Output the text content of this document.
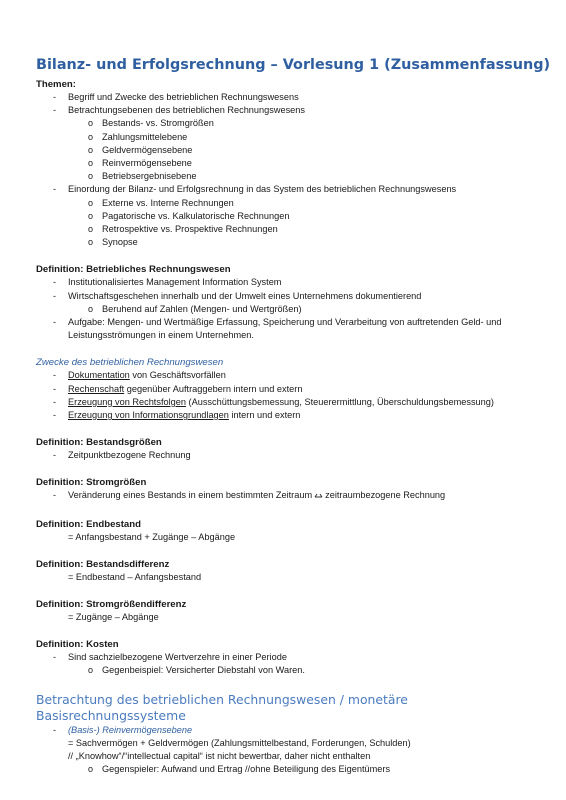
Bilanz- und Erfolgsrechnung – Vorlesung 1 (Zusammenfassung)
Themen:
- Begriff und Zwecke des betrieblichen Rechnungswesens
- Betrachtungsebenen des betrieblichen Rechnungswesens
o Bestands- vs. Stromgrößen
o Zahlungsmittelebene
o Geldvermögensebene
o Reinvermögensebene
o Betriebsergebnisebene
- Einordung der Bilanz- und Erfolgsrechnung in das System des betrieblichen Rechnungswesens
o Externe vs. Interne Rechnungen
o Pagatorische vs. Kalkulatorische Rechnungen
o Retrospektive vs. Prospektive Rechnungen
o Synopse
Definition: Betriebliches Rechnungswesen
- Institutionalisiertes Management Information System
- Wirtschaftsgeschehen innerhalb und der Umwelt eines Unternehmens dokumentierend
o Beruhend auf Zahlen (Mengen- und Wertgrößen)
- Aufgabe: Mengen- und Wertmäßige Erfassung, Speicherung und Verarbeitung von auftretenden Geld- und
Leistungsströmungen in einem Unternehmen.
Zwecke des betrieblichen Rechnungswesen
- Dokumentation von Geschäftsvorfällen
- Rechenschaft gegenüber Auftraggebern intern und extern
- Erzeugung von Rechtsfolgen (Ausschüttungsbemessung, Steuerermittlung, Überschuldungsbemessung)
- Erzeugung von Informationsgrundlagen intern und extern
Definition: Bestandsgrößen
- Zeitpunktbezogene Rechnung
Definition: Stromgrößen
- Veränderung eines Bestands in einem bestimmten Zeitraum zeitraumbezogene Rechnung
Definition: Endbestand
= Anfangsbestand + Zugänge – Abgänge
Definition: Bestandsdifferenz
= Endbestand – Anfangsbestand
Definition: Stromgrößendifferenz
= Zugänge – Abgänge
Definition: Kosten
- Sind sachzielbezogene Wertverzehre in einer Periode
o Gegenbeispiel: Versicherter Diebstahl von Waren.
Betrachtung des betrieblichen Rechnungswesen / monetäre
Basisrechnungssysteme
- (Basis-) Reinvermögensebene
= Sachvermögen + Geldvermögen (Zahlungsmittelbestand, Forderungen, Schulden)
// „Knowhow“/“intellectual capital“ ist nicht bewertbar, daher nicht enthalten
o Gegenspieler: Aufwand und Ertrag //ohne Beteiligung des Eigentümers
